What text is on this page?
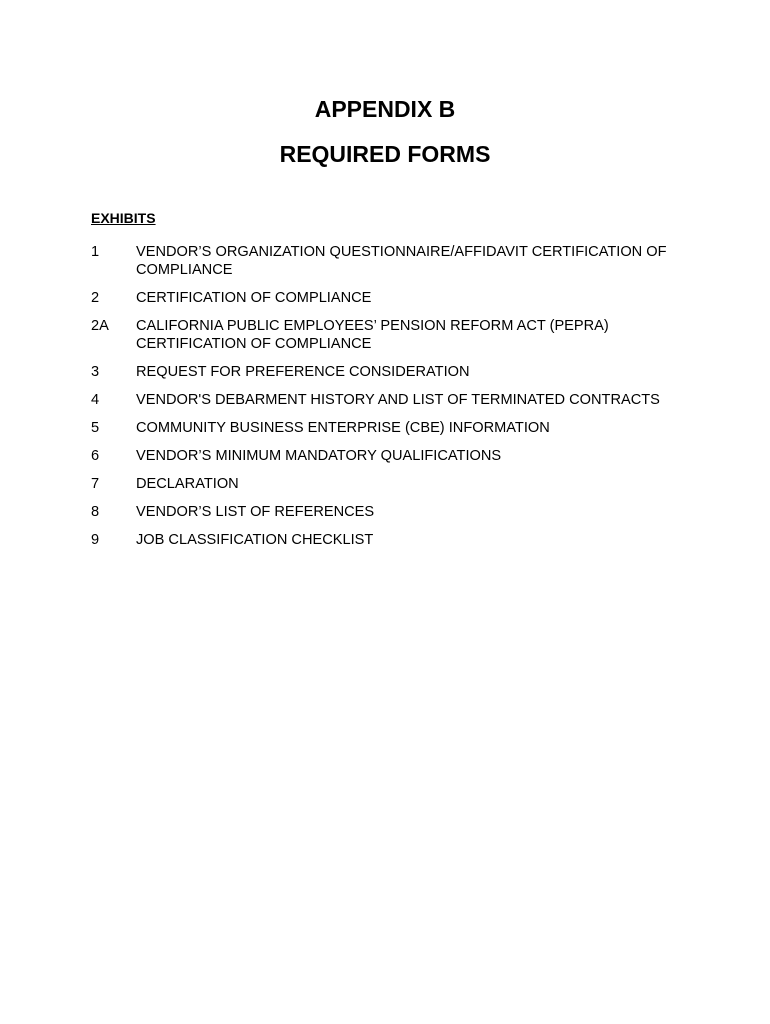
APPENDIX B
REQUIRED FORMS
EXHIBITS
1	VENDOR’S ORGANIZATION QUESTIONNAIRE/AFFIDAVIT CERTIFICATION OF COMPLIANCE
2	CERTIFICATION OF COMPLIANCE
2A	CALIFORNIA PUBLIC EMPLOYEES’ PENSION REFORM ACT (PEPRA) CERTIFICATION OF COMPLIANCE
3	REQUEST FOR PREFERENCE CONSIDERATION
4	VENDOR'S DEBARMENT HISTORY AND LIST OF TERMINATED CONTRACTS
5	COMMUNITY BUSINESS ENTERPRISE (CBE) INFORMATION
6	VENDOR’S MINIMUM MANDATORY QUALIFICATIONS
7	DECLARATION
8	VENDOR’S LIST OF REFERENCES
9	JOB CLASSIFICATION CHECKLIST
